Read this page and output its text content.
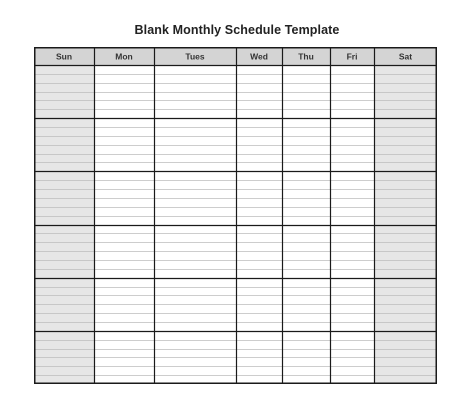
Blank Monthly Schedule Template
Sun	Mon	Tues	Wed	Thu	Fri	Sat
